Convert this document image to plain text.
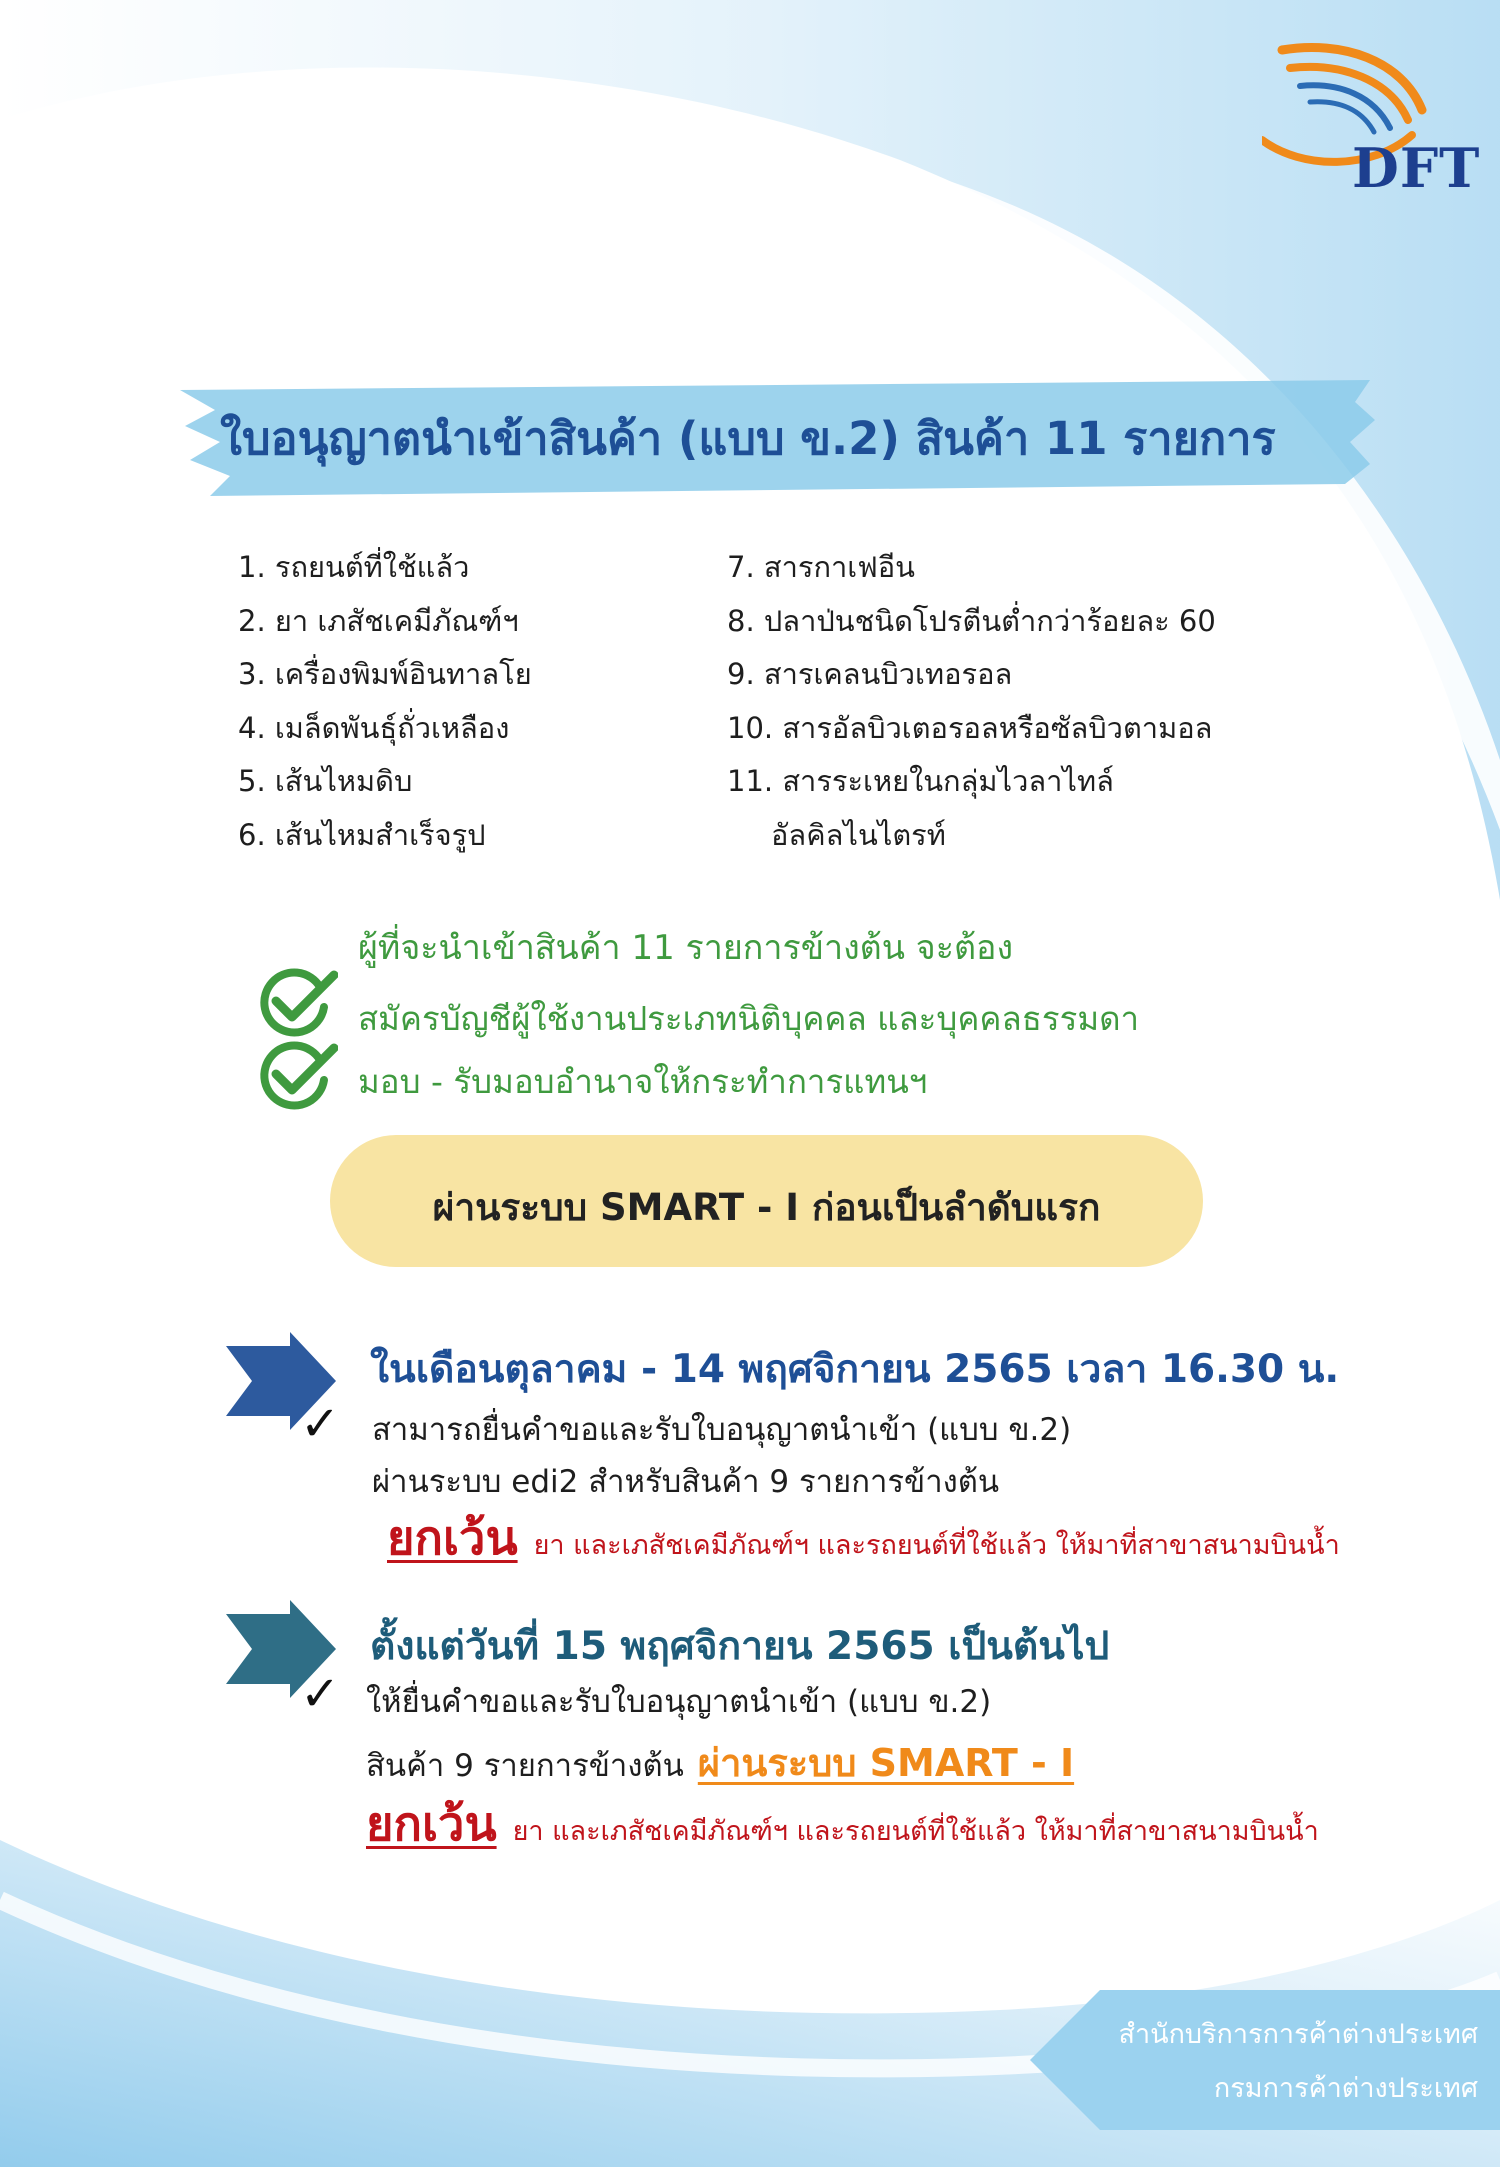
DFT
ใบอนุญาตนำเข้าสินค้า (แบบ ข.2) สินค้า 11 รายการ
1. รถยนต์ที่ใช้แล้ว
2. ยา เภสัชเคมีภัณฑ์ฯ
3. เครื่องพิมพ์อินทาลโย
4. เมล็ดพันธุ์ถั่วเหลือง
5. เส้นไหมดิบ
6. เส้นไหมสำเร็จรูป
7. สารกาเฟอีน
8. ปลาป่นชนิดโปรตีนต่ำกว่าร้อยละ 60
9. สารเคลนบิวเทอรอล
10. สารอัลบิวเตอรอลหรือซัลบิวตามอล
11. สารระเหยในกลุ่มไวลาไทล์
อัลคิลไนไตรท์
ผู้ที่จะนำเข้าสินค้า 11 รายการข้างต้น จะต้อง
สมัครบัญชีผู้ใช้งานประเภทนิติบุคคล และบุคคลธรรมดา
มอบ - รับมอบอำนาจให้กระทำการแทนฯ
ผ่านระบบ SMART - I ก่อนเป็นลำดับแรก
ในเดือนตุลาคม - 14 พฤศจิกายน 2565 เวลา 16.30 น.
✓ สามารถยื่นคำขอและรับใบอนุญาตนำเข้า (แบบ ข.2)
ผ่านระบบ edi2 สำหรับสินค้า 9 รายการข้างต้น
ยกเว้น ยา และเภสัชเคมีภัณฑ์ฯ และรถยนต์ที่ใช้แล้ว ให้มาที่สาขาสนามบินน้ำ
ตั้งแต่วันที่ 15 พฤศจิกายน 2565 เป็นต้นไป
✓ ให้ยื่นคำขอและรับใบอนุญาตนำเข้า (แบบ ข.2)
สินค้า 9 รายการข้างต้น ผ่านระบบ SMART - I
ยกเว้น ยา และเภสัชเคมีภัณฑ์ฯ และรถยนต์ที่ใช้แล้ว ให้มาที่สาขาสนามบินน้ำ
สำนักบริการการค้าต่างประเทศ
กรมการค้าต่างประเทศ
